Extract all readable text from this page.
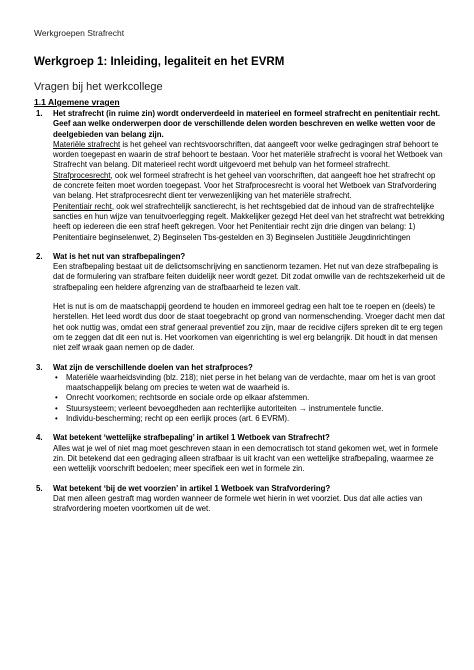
Werkgroepen Strafrecht
Werkgroep 1: Inleiding, legaliteit en het EVRM
Vragen bij het werkcollege
1.1 Algemene vragen
1. Het strafrecht (in ruime zin) wordt onderverdeeld in materieel en formeel strafrecht en penitentiair recht. Geef aan welke onderwerpen door de verschillende delen worden beschreven en welke wetten voor de deelgebieden van belang zijn.
Materiële strafrecht is het geheel van rechtsvoorschriften, dat aangeeft voor welke gedragingen straf behoort te worden toegepast en waarin de straf behoort te bestaan. Voor het materiële strafrecht is vooral het Wetboek van Strafrecht van belang. Dit materieel recht wordt uitgevoerd met behulp van het formeel strafrecht.
Strafprocesrecht, ook wel formeel strafrecht is het geheel van voorschriften, dat aangeeft hoe het strafrecht op de concrete feiten moet worden toegepast. Voor het Strafprocesrecht is vooral het Wetboek van Strafvordering van belang. Het strafprocesrecht dient ter verwezenlijking van het materiële strafrecht.
Penitentiair recht, ook wel strafrechtelijk sanctierecht, is het rechtsgebied dat de inhoud van de strafrechtelijke sancties en hun wijze van tenuitvoerlegging regelt. Makkelijker gezegd Het deel van het strafrecht wat betrekking heeft op iedereen die een straf heeft gekregen. Voor het Penitentiair recht zijn drie dingen van belang: 1) Penitentiaire beginselenwet, 2) Beginselen Tbs-gestelden en 3) Beginselen Justitiële Jeugdinrichtingen
2. Wat is het nut van strafbepalingen?
Een strafbepaling bestaat uit de delictsomschrijving en sanctienorm tezamen. Het nut van deze strafbepaling is dat de formulering van strafbare feiten duidelijk neer wordt gezet. Dit zodat omwille van de rechtszekerheid uit de strafbepaling een heldere afgrenzing van de strafbaarheid te lezen valt.
Het is nut is om de maatschappij geordend te houden en immoreel gedrag een halt toe te roepen en (deels) te herstellen. Het leed wordt dus door de staat toegebracht op grond van normenschending. Vroeger dacht men dat het ook nuttig was, omdat een straf generaal preventief zou zijn, maar de recidive cijfers spreken dit te erg tegen om te zeggen dat dit een nut is. Het voorkomen van eigenrichting is wel erg belangrijk. Dit houdt in dat mensen niet zelf wraak gaan nemen op de dader.
3. Wat zijn de verschillende doelen van het strafproces?
• Materiële waarheidsvinding (blz. 218); niet perse in het belang van de verdachte, maar om het is van groot maatschappelijk belang om precies te weten wat de waarheid is.
• Onrecht voorkomen; rechtsorde en sociale orde op elkaar afstemmen.
• Stuursysteem; verleent bevoegdheden aan rechterlijke autoriteiten → instrumentele functie.
• Individu-bescherming; recht op een eerlijk proces (art. 6 EVRM).
4. Wat betekent ‘wettelijke strafbepaling’ in artikel 1 Wetboek van Strafrecht?
Alles wat je wel of niet mag moet geschreven staan in een democratisch tot stand gekomen wet, wet in formele zin. Dit betekend dat een gedraging alleen strafbaar is uit kracht van een wettelijke strafbepaling, waarmee ze een wettelijk voorschrift bedoelen; meer specifiek een wet in formele zin.
5. Wat betekent ‘bij de wet voorzien’ in artikel 1 Wetboek van Strafvordering?
Dat men alleen gestraft mag worden wanneer de formele wet hierin in wet voorziet. Dus dat alle acties van strafvordering moeten voortkomen uit de wet.
